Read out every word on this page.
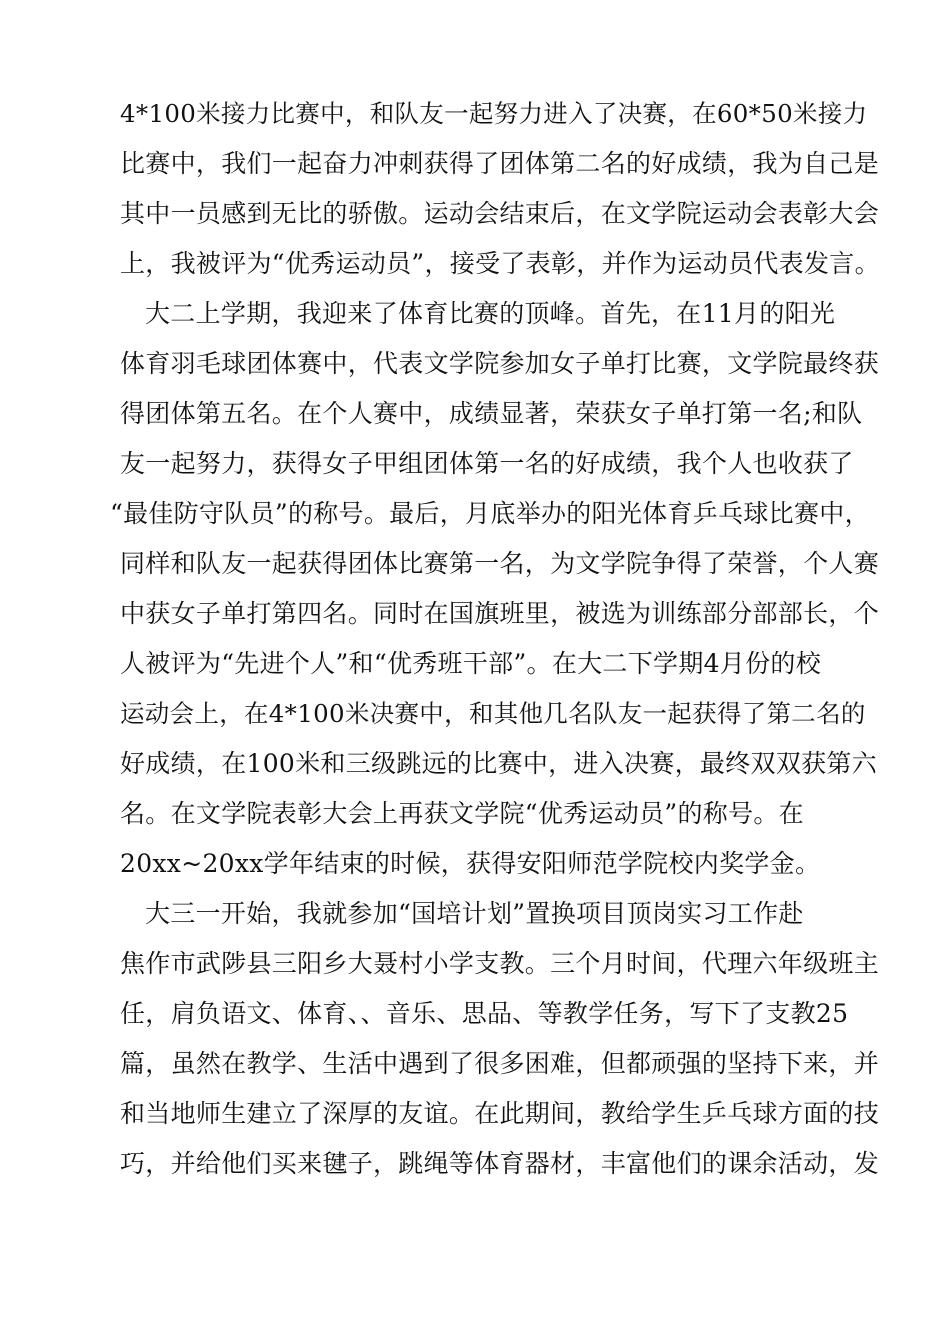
4*100米接力比赛中，和队友一起努力进入了决赛，在60*50米接力
比赛中，我们一起奋力冲刺获得了团体第二名的好成绩，我为自己是
其中一员感到无比的骄傲。运动会结束后，在文学院运动会表彰大会
上，我被评为“优秀运动员”，接受了表彰，并作为运动员代表发言。
大二上学期，我迎来了体育比赛的顶峰。首先，在11月的阳光
体育羽毛球团体赛中，代表文学院参加女子单打比赛，文学院最终获
得团体第五名。在个人赛中，成绩显著，荣获女子单打第一名;和队
友一起努力，获得女子甲组团体第一名的好成绩，我个人也收获了
“最佳防守队员”的称号。最后，月底举办的阳光体育乒乓球比赛中，
同样和队友一起获得团体比赛第一名，为文学院争得了荣誉，个人赛
中获女子单打第四名。同时在国旗班里，被选为训练部分部部长，个
人被评为“先进个人”和“优秀班干部”。在大二下学期4月份的校
运动会上，在4*100米决赛中，和其他几名队友一起获得了第二名的
好成绩，在100米和三级跳远的比赛中，进入决赛，最终双双获第六
名。在文学院表彰大会上再获文学院“优秀运动员”的称号。在
20xx~20xx学年结束的时候，获得安阳师范学院校内奖学金。
大三一开始，我就参加“国培计划”置换项目顶岗实习工作赴
焦作市武陟县三阳乡大聂村小学支教。三个月时间，代理六年级班主
任，肩负语文、体育、、音乐、思品、等教学任务，写下了支教25
篇，虽然在教学、生活中遇到了很多困难，但都顽强的坚持下来，并
和当地师生建立了深厚的友谊。在此期间，教给学生乒乓球方面的技
巧，并给他们买来毽子，跳绳等体育器材，丰富他们的课余活动，发
